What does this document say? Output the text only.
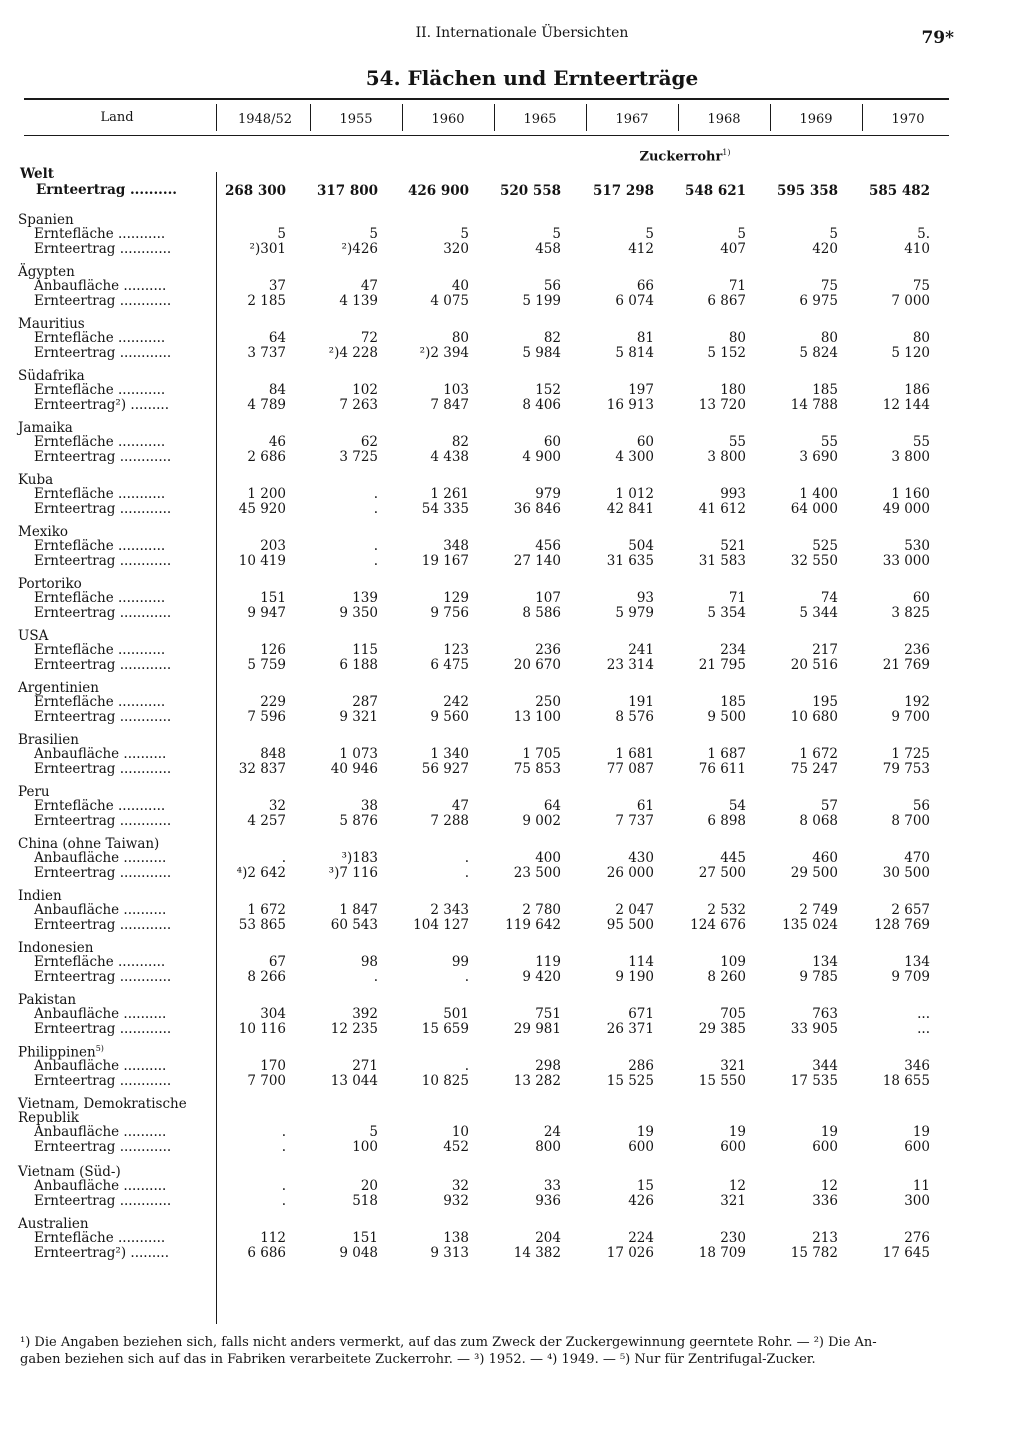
II. Internationale Übersichten	79*
54. Flächen und Ernteerträge
Land	1948/52	1955	1960	1965	1967	1968	1969	1970
Zuckerrohr$^{1)}$
Welt
Ernteertrag ..........	268 300	317 800	426 900	520 558	517 298	548 621	595 358	585 482
Spanien
Erntefläche ...........	5	5	5	5	5	5	5	5.
Ernteertrag ............	²)301	²)426	320	458	412	407	420	410
Ägypten
Anbaufläche ..........	37	47	40	56	66	71	75	75
Ernteertrag ............	2 185	4 139	4 075	5 199	6 074	6 867	6 975	7 000
Mauritius
Erntefläche ...........	64	72	80	82	81	80	80	80
Ernteertrag ............	3 737	²)4 228	²)2 394	5 984	5 814	5 152	5 824	5 120
Südafrika
Erntefläche ...........	84	102	103	152	197	180	185	186
Ernteertrag²) .........	4 789	7 263	7 847	8 406	16 913	13 720	14 788	12 144
Jamaika
Erntefläche ...........	46	62	82	60	60	55	55	55
Ernteertrag ............	2 686	3 725	4 438	4 900	4 300	3 800	3 690	3 800
Kuba
Erntefläche ...........	1 200	.	1 261	979	1 012	993	1 400	1 160
Ernteertrag ............	45 920	.	54 335	36 846	42 841	41 612	64 000	49 000
Mexiko
Erntefläche ...........	203	.	348	456	504	521	525	530
Ernteertrag ............	10 419	.	19 167	27 140	31 635	31 583	32 550	33 000
Portoriko
Erntefläche ...........	151	139	129	107	93	71	74	60
Ernteertrag ............	9 947	9 350	9 756	8 586	5 979	5 354	5 344	3 825
USA
Erntefläche ...........	126	115	123	236	241	234	217	236
Ernteertrag ............	5 759	6 188	6 475	20 670	23 314	21 795	20 516	21 769
Argentinien
Erntefläche ...........	229	287	242	250	191	185	195	192
Ernteertrag ............	7 596	9 321	9 560	13 100	8 576	9 500	10 680	9 700
Brasilien
Anbaufläche ..........	848	1 073	1 340	1 705	1 681	1 687	1 672	1 725
Ernteertrag ............	32 837	40 946	56 927	75 853	77 087	76 611	75 247	79 753
Peru
Erntefläche ...........	32	38	47	64	61	54	57	56
Ernteertrag ............	4 257	5 876	7 288	9 002	7 737	6 898	8 068	8 700
China (ohne Taiwan)
Anbaufläche ..........	.	³)183	.	400	430	445	460	470
Ernteertrag ............	⁴)2 642	³)7 116	.	23 500	26 000	27 500	29 500	30 500
Indien
Anbaufläche ..........	1 672	1 847	2 343	2 780	2 047	2 532	2 749	2 657
Ernteertrag ............	53 865	60 543	104 127	119 642	95 500	124 676	135 024	128 769
Indonesien
Erntefläche ...........	67	98	99	119	114	109	134	134
Ernteertrag ............	8 266	.	.	9 420	9 190	8 260	9 785	9 709
Pakistan
Anbaufläche ..........	304	392	501	751	671	705	763	...
Ernteertrag ............	10 116	12 235	15 659	29 981	26 371	29 385	33 905	...
Philippinen$^{5)}$
Anbaufläche ..........	170	271	.	298	286	321	344	346
Ernteertrag ............	7 700	13 044	10 825	13 282	15 525	15 550	17 535	18 655
Vietnam, Demokratische
Republik
Anbaufläche ..........	.	5	10	24	19	19	19	19
Ernteertrag ............	.	100	452	800	600	600	600	600
Vietnam (Süd-)
Anbaufläche ..........	.	20	32	33	15	12	12	11
Ernteertrag ............	.	518	932	936	426	321	336	300
Australien
Erntefläche ...........	112	151	138	204	224	230	213	276
Ernteertrag²) .........	6 686	9 048	9 313	14 382	17 026	18 709	15 782	17 645
¹) Die Angaben beziehen sich, falls nicht anders vermerkt, auf das zum Zweck der Zuckergewinnung geerntete Rohr. — ²) Die An-
gaben beziehen sich auf das in Fabriken verarbeitete Zuckerrohr. — ³) 1952. — ⁴) 1949. — ⁵) Nur für Zentrifugal-Zucker.
